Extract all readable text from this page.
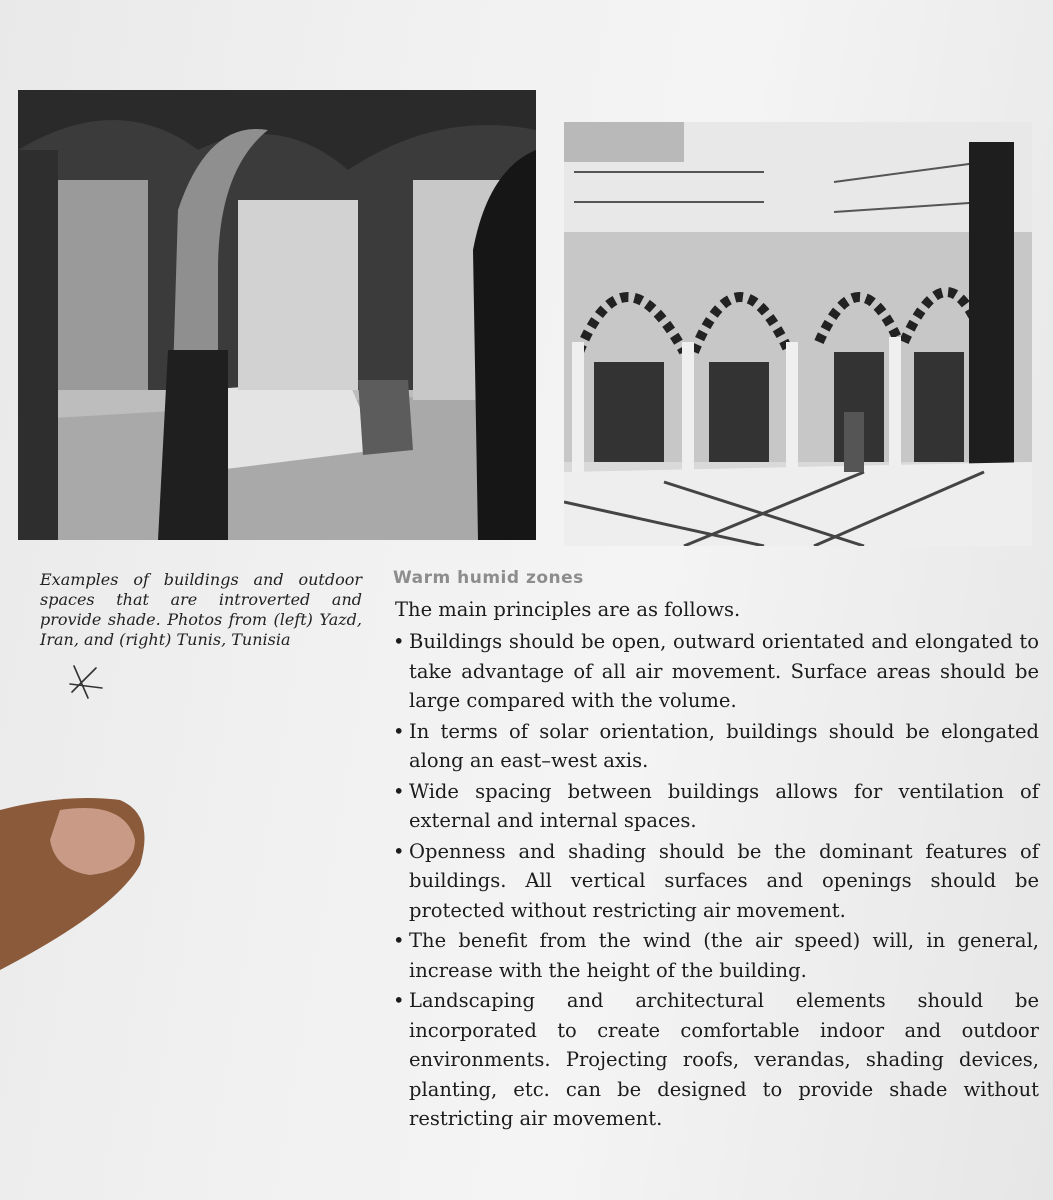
Examples of buildings and outdoor spaces that are introverted and provide shade. Photos from (left) Yazd, Iran, and (right) Tunis, Tunisia
Warm humid zones
The main principles are as follows.
• Buildings should be open, outward orientated and elongated to take advantage of all air movement. Surface areas should be large compared with the volume.
• In terms of solar orientation, buildings should be elongated along an east–west axis.
• Wide spacing between buildings allows for ventilation of external and internal spaces.
• Openness and shading should be the dominant features of buildings. All vertical surfaces and openings should be protected without restricting air movement.
• The benefit from the wind (the air speed) will, in general, increase with the height of the building.
• Landscaping and architectural elements should be incorporated to create comfortable indoor and outdoor environments. Projecting roofs, verandas, shading devices, planting, etc. can be designed to provide shade without restricting air movement.
